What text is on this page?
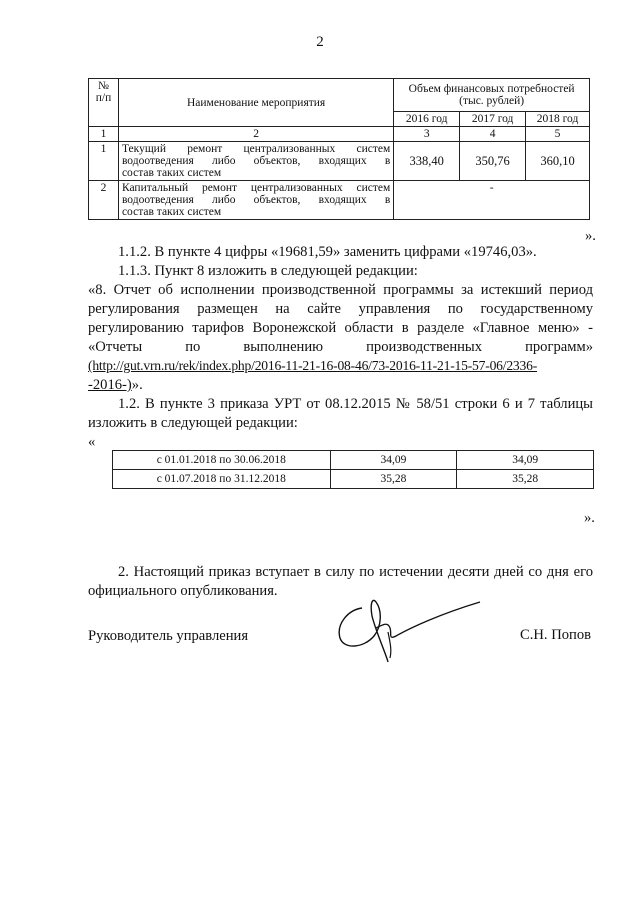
2
№ п/п	Наименование мероприятия	Объем финансовых потребностей (тыс. рублей)		
		2016 год	2017 год	2018 год
1	2	3	4	5
1	Текущий ремонт централизованных систем
водоотведения либо объектов, входящих в
состав таких систем	338,40	350,76	360,10
2	Капитальный ремонт централизованных систем
водоотведения либо объектов, входящих в
состав таких систем	-		
».
1.1.2. В пункте 4 цифры «19681,59» заменить цифрами «19746,03».
1.1.3. Пункт 8 изложить в следующей редакции:
«8. Отчет об исполнении производственной программы за истекший период
регулирования размещен на сайте управления по государственному
регулированию тарифов Воронежской области в разделе «Главное меню» -
«Отчеты по выполнению производственных программ»
(http://gut.vrn.ru/rek/index.php/2016-11-21-16-08-46/73-2016-11-21-15-57-06/2336-
-2016-)».
1.2. В пункте 3 приказа УРТ от 08.12.2015 № 58/51 строки 6 и 7 таблицы
изложить в следующей редакции:
«
с 01.01.2018 по 30.06.2018	34,09	34,09
с 01.07.2018 по 31.12.2018	35,28	35,28
».
2. Настоящий приказ вступает в силу по истечении десяти дней со дня его
официального опубликования.
Руководитель управления	С.Н. Попов
